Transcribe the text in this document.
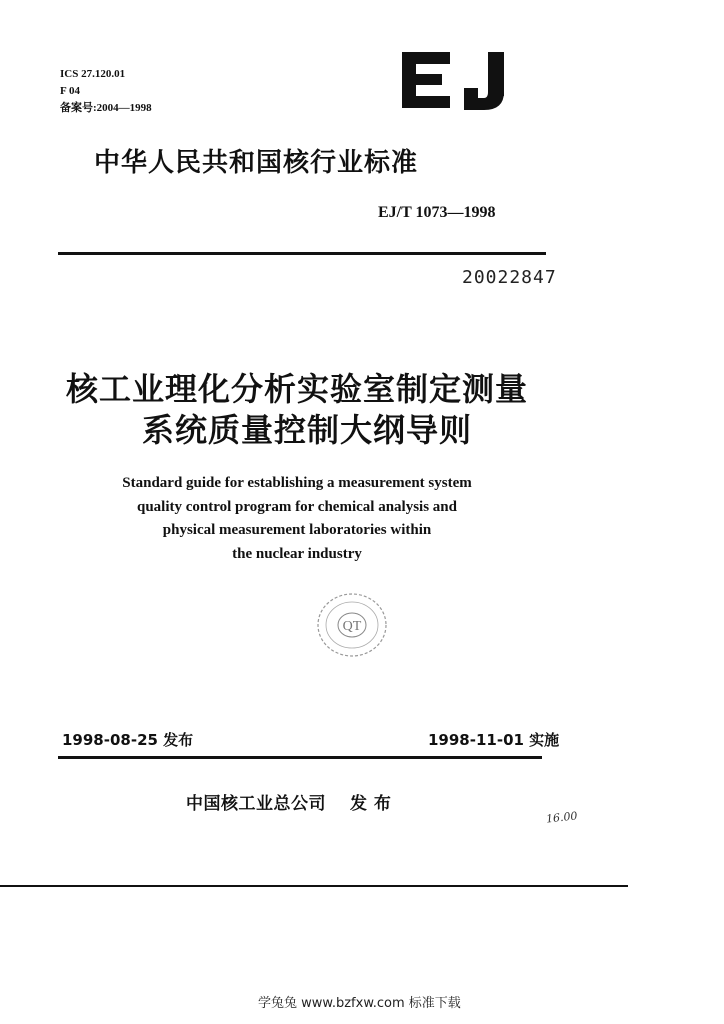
ICS 27.120.01
F 04
备案号:2004—1998
中华人民共和国核行业标准
EJ/T 1073—1998
20022847
核工业理化分析实验室制定测量
系统质量控制大纲导则
Standard guide for establishing a measurement system
quality control program for chemical analysis and
physical measurement laboratories within
the nuclear industry
QT
1998-08-25 发布	1998-11-01 实施
中国核工业总公司 发 布
16.00
学兔兔 www.bzfxw.com 标准下载
